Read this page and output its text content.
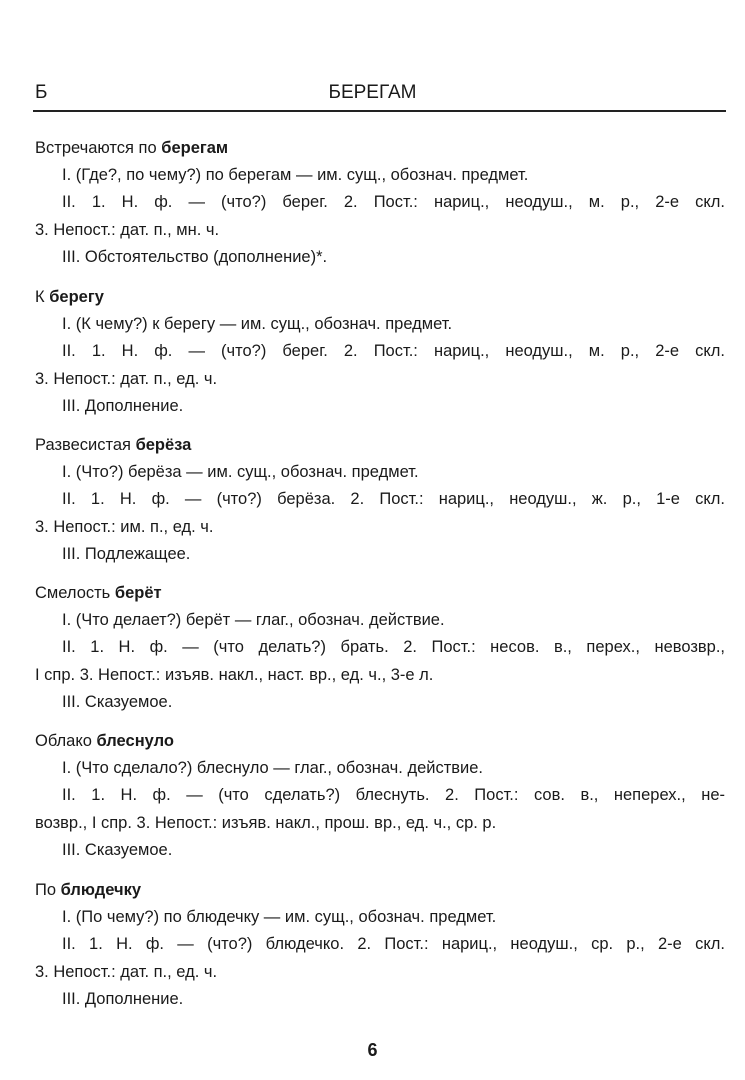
Б	БЕРЕГАМ
Встречаются по берегам
I. (Где?, по чему?) по берегам — им. сущ., обознач. предмет.
II. 1. Н. ф. — (что?) берег. 2. Пост.: нариц., неодуш., м. р., 2-е скл.
3. Непост.: дат. п., мн. ч.
III. Обстоятельство (дополнение)*.
К берегу
I. (К чему?) к берегу — им. сущ., обознач. предмет.
II. 1. Н. ф. — (что?) берег. 2. Пост.: нариц., неодуш., м. р., 2-е скл.
3. Непост.: дат. п., ед. ч.
III. Дополнение.
Развесистая берёза
I. (Что?) берёза — им. сущ., обознач. предмет.
II. 1. Н. ф. — (что?) берёза. 2. Пост.: нариц., неодуш., ж. р., 1-е скл.
3. Непост.: им. п., ед. ч.
III. Подлежащее.
Смелость берёт
I. (Что делает?) берёт — глаг., обознач. действие.
II. 1. Н. ф. — (что делать?) брать. 2. Пост.: несов. в., перех., невозвр.,
I спр. 3. Непост.: изъяв. накл., наст. вр., ед. ч., 3-е л.
III. Сказуемое.
Облако блеснуло
I. (Что сделало?) блеснуло — глаг., обознач. действие.
II. 1. Н. ф. — (что сделать?) блеснуть. 2. Пост.: сов. в., неперех., не-
возвр., I спр. 3. Непост.: изъяв. накл., прош. вр., ед. ч., ср. р.
III. Сказуемое.
По блюдечку
I. (По чему?) по блюдечку — им. сущ., обознач. предмет.
II. 1. Н. ф. — (что?) блюдечко. 2. Пост.: нариц., неодуш., ср. р., 2-е скл.
3. Непост.: дат. п., ед. ч.
III. Дополнение.
6
